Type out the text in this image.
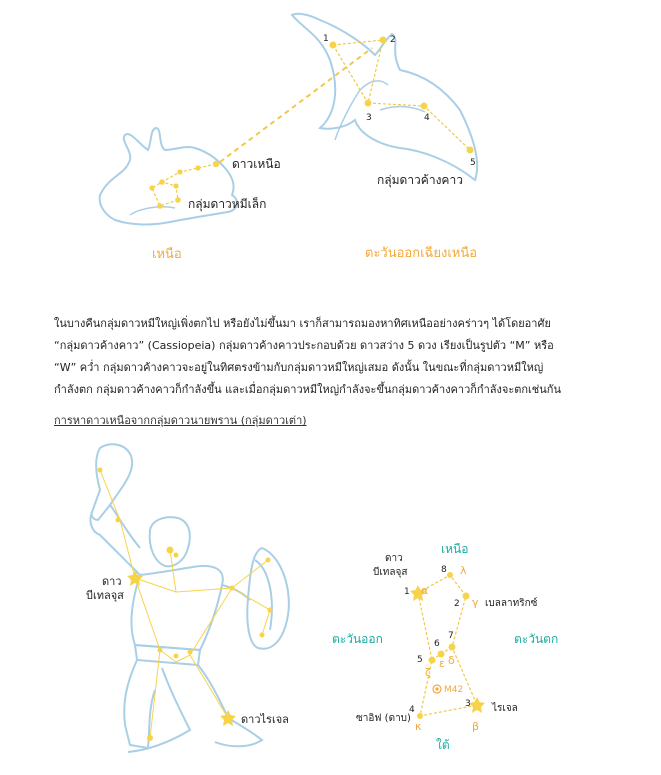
1	2
3	4
5
ดาวเหนือ
กลุ่มดาวหมีเล็ก
กลุ่มดาวค้างคาว
เหนือ	ตะวันออกเฉียงเหนือ

ในบางคืนกลุ่มดาวหมีใหญ่เพิ่งตกไป หรือยังไม่ขึ้นมา เราก็สามารถมองหาทิศเหนืออย่างคร่าวๆ ได้โดยอาศัย

“กลุ่มดาวค้างคาว” (Cassiopeia) กลุ่มดาวค้างคาวประกอบด้วย ดาวสว่าง 5 ดวง เรียงเป็นรูปตัว “M” หรือ

“W” คว่ำ กลุ่มดาวค้างคาวจะอยู่ในทิศตรงข้ามกับกลุ่มดาวหมีใหญ่เสมอ ดังนั้น ในขณะที่กลุ่มดาวหมีใหญ่

กำลังตก กลุ่มดาวค้างคาวก็กำลังขึ้น และเมื่อกลุ่มดาวหมีใหญ่กำลังจะขึ้นกลุ่มดาวค้างคาวก็กำลังจะตกเช่นกัน

การหาดาวเหนือจากกลุ่มดาวนายพราน (กลุ่มดาวเต่า)
ดาว
บีเทลจุส
ดาวไรเจล
M42
8
1
2
6
7
5
4
3
λ
α
γ
ε δ
ζ
κ	β
ดาว
บีเทลจุส
เบลลาทริกซ์
ไรเจล
ซาอิฟ (ดาบ)
เหนือ
ใต้
ตะวันออก	ตะวันตก
